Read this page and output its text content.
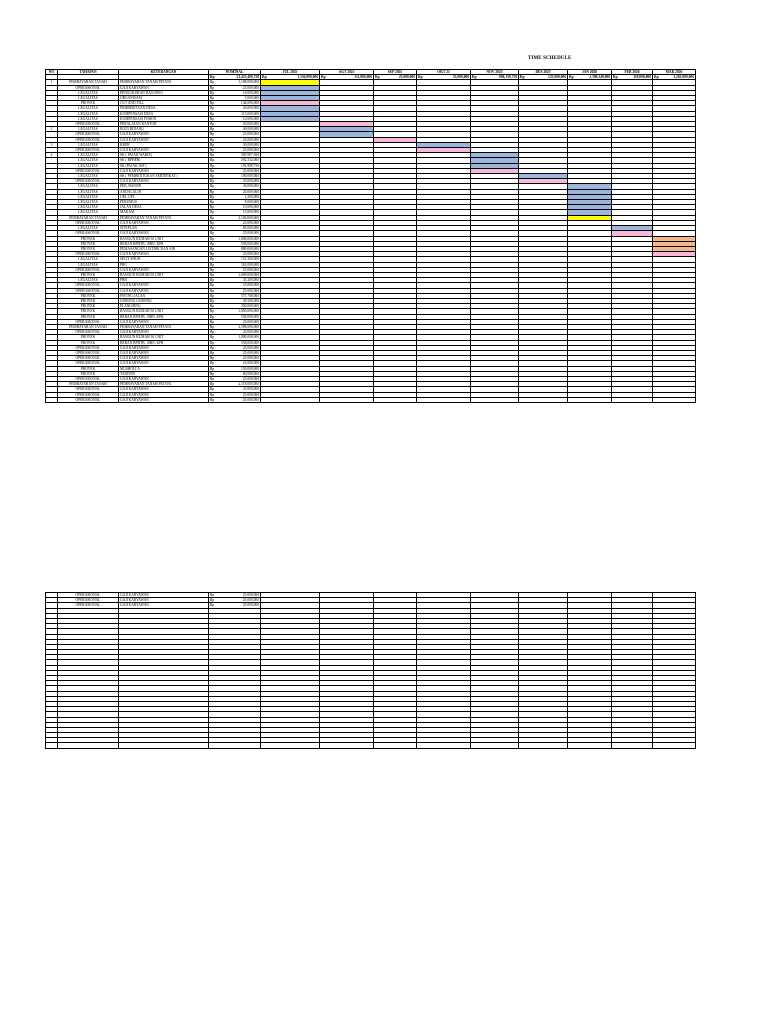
TIME SCHEDULE
NO	TAHAPAN	KETERANGAN	NOMINAL	JUL 2025	AGT 2025	SEP 2025	OKT 25	NOV 2025	DES 2025	JAN 2026	FEB 2026	MAR 2026

			Rp 21,423,400,758	Rp 1,336,800,000	Rp 111,800,000	Rp 25,000,000	Rp 55,000,000	Rp 996,158,758	Rp 125,000,000	Rp 2,390,348,000	Rp 118,000,000	Rp 1,263,000,000

1	PEMBAYARAN TANAH	PEMBAYARAN TANAH PETANI	Rp 1,188,000,000									

	OPERASIONAL	GAJI KARYAWAN	Rp 25,000,000									

	LEGALITAS	PENGUKURAN DAN DWG	Rp 10,000,000									

	LEGALITAS	ORGANISASI	Rp 5,000,000									

	PROYEK	CUT AND FILL	Rp 144,000,000									

	LEGALITAS	PEMBERITAAN DESA	Rp 20,000,000									

	LEGALITAS	KOMPENSASI DESA	Rp 115,000,000									

	LEGALITAS	KOMPENSASI POHON	Rp 10,000,000									

	OPERASIONAL	PERALATAN KANTOR	Rp 50,000,000									

2	LEGALITAS	IKUN BIDANG	Rp 40,000,000									

	OPERASIONAL	GAJI KARYAWAN	Rp 25,000,000									

	OPERASIONAL	GAJI KARYAWAN	Rp 25,000,000									

3	LEGALITAS	KKPR	Rp 30,000,000									

	OPERASIONAL	GAJI KARYAWAN	Rp 25,000,000									

4	LEGALITAS	SK ( PAJAK WARIS)	Rp 385,907,500									

	LEGALITAS	SK ( BPHEB)	Rp 392,532,000									

	LEGALITAS	SK (PAJAK SSP )	Rp 192,998,750									

	OPERASIONAL	GAJI KARYAWAN	Rp 25,000,000									

	LEGALITAS	SK ( PEMBENTUKAN SERTIFIKAT )	Rp 100,000,000									

	OPERASIONAL	GAJI KARYAWAN	Rp 25,000,000									

	LEGALITAS	PEIL BANJIR	Rp 30,000,000									

	LEGALITAS	ANDALALIN	Rp 20,000,000									

	LEGALITAS	UKL UPL	Rp 2,500,000									

	LEGALITAS	PERUMUS	Rp 8,000,000									

	LEGALITAS	JALAN DESA	Rp 10,000,000									

	LEGALITAS	MAKAM	Rp 15,000,000									

	PEMBAYARAN TANAH	PEMBAYARAN TANAH PETANI	Rp 2,100,000,000									

	OPERASIONAL	GAJI KARYAWAN	Rp 25,000,000									

	LEGALITAS	SITEPLAN	Rp 85,000,000									

	OPERASIONAL	GAJI KARYAWAN	Rp 25,000,000									

	PROYEK	BANGUN RUMAH 50 UNIT	Rp 1,800,000,000									

	PROYEK	BEBAN BPHTB , BBN, KPR	Rp 558,000,000									

	PROYEK	PEMASANGAN LISTRIK DAN AIR	Rp 880,000,000									

	OPERASIONAL	GAJI KARYAWAN	Rp 25,000,000									

	LEGALITAS	SPLIT SHGB	Rp 721,500,000									

	LEGALITAS	PBG	Rp 163,000,000									

	OPERASIONAL	GAJI KARYAWAN	Rp 25,000,000									

	PROYEK	BANGUN RUMAH 50 UNIT	Rp 1,800,000,000									

	LEGALITAS	PBB	Rp 35,200,000									

	OPERASIONAL	GAJI KARYAWAN	Rp 25,000,000									

	OPERASIONAL	GAJI KARYAWAN	Rp 25,000,000									

	PROYEK	PAVING JALAN	Rp 557,768,000									

	PROYEK	GORONG GORONG	Rp 49,500,000									

	PROYEK	PLANG/BNG	Rp 350,000,000									

	PROYEK	BANGUN RUMAH 50 UNIT	Rp 1,800,000,000									

	PROYEK	BEBAN BPHTB , BBN, KPR	Rp 558,000,000									

	OPERASIONAL	GAJI KARYAWAN	Rp 25,000,000									

	PEMBAYARAN TANAH	PEMBAYARAN TANAH PETANI	Rp 2,508,000,000									

	OPERASIONAL	GAJI KARYAWAN	Rp 25,000,000									

	PROYEK	BANGUN RUMAH 50 UNIT	Rp 1,800,000,000									

	PROYEK	BEBAN BPHTB , BBN, KPR	Rp 558,000,000									

	OPERASIONAL	GAJI KARYAWAN	Rp 25,000,000									

	OPERASIONAL	GAJI KARYAWAN	Rp 25,000,000									

	OPERASIONAL	GAJI KARYAWAN	Rp 25,000,000									

	OPERASIONAL	GAJI KARYAWAN	Rp 25,000,000									

	PROYEK	MUSHOLLA	Rp 150,000,000									

	PROYEK	TANDON	Rp 80,000,000									

	OPERASIONAL	GAJI KARYAWAN	Rp 25,000,000									

	PEMBAYARAN TANAH	PEMBAYARAN TANAH PETANI	Rp 2,118,000,000									

	OPERASIONAL	GAJI KARYAWAN	Rp 25,000,000									

	OPERASIONAL	GAJI KARYAWAN	Rp 25,000,000									

	OPERASIONAL	GAJI KARYAWAN	Rp 25,000,000									

	OPERASIONAL	GAJI KARYAWAN	Rp 25,000,000									

	OPERASIONAL	GAJI KARYAWAN	Rp 25,000,000									

	OPERASIONAL	GAJI KARYAWAN	Rp 25,000,000									
